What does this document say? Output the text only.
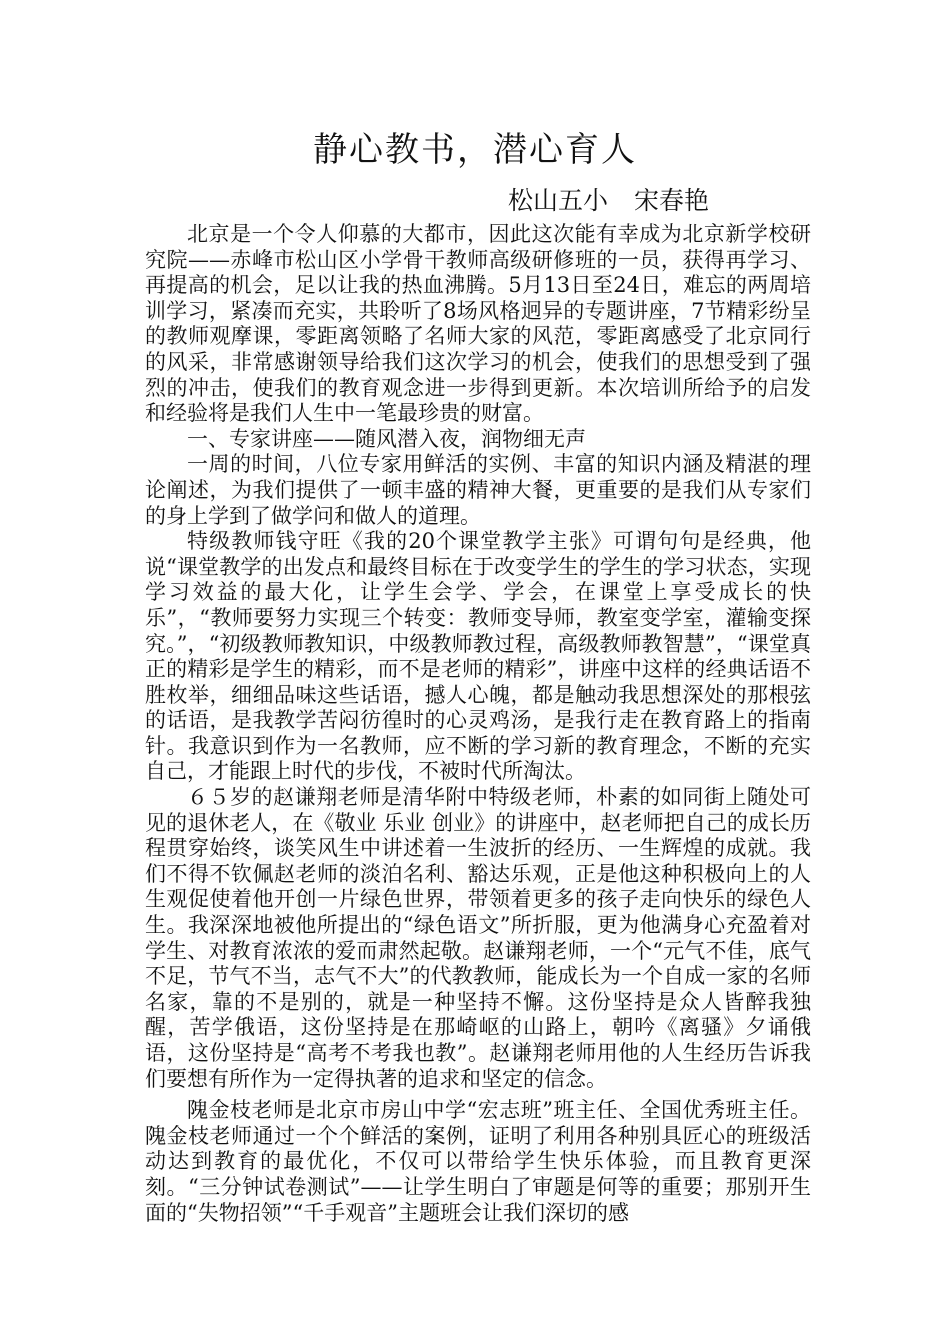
静心教书，潜心育人
松山五小 宋春艳

北京是一个令人仰慕的大都市，因此这次能有幸成为北京新学校研究院——赤峰市松山区小学骨干教师高级研修班的一员，获得再学习、再提高的机会，足以让我的热血沸腾。5月13日至24日，难忘的两周培训学习，紧凑而充实，共聆听了8场风格迥异的专题讲座，7节精彩纷呈的教师观摩课，零距离领略了名师大家的风范，零距离感受了北京同行的风采，非常感谢领导给我们这次学习的机会，使我们的思想受到了强烈的冲击，使我们的教育观念进一步得到更新。本次培训所给予的启发和经验将是我们人生中一笔最珍贵的财富。

一、专家讲座——随风潜入夜，润物细无声

一周的时间，八位专家用鲜活的实例、丰富的知识内涵及精湛的理论阐述，为我们提供了一顿丰盛的精神大餐，更重要的是我们从专家们的身上学到了做学问和做人的道理。

特级教师钱守旺《我的20个课堂教学主张》可谓句句是经典，他说“课堂教学的出发点和最终目标在于改变学生的学生的学习状态，实现学习效益的最大化，让学生会学、学会，在课堂上享受成长的快乐”，“教师要努力实现三个转变：教师变导师，教室变学室，灌输变探究。”，“初级教师教知识，中级教师教过程，高级教师教智慧”，“课堂真正的精彩是学生的精彩，而不是老师的精彩”，讲座中这样的经典话语不胜枚举，细细品味这些话语，撼人心魄，都是触动我思想深处的那根弦的话语，是我教学苦闷彷徨时的心灵鸡汤，是我行走在教育路上的指南针。我意识到作为一名教师，应不断的学习新的教育理念，不断的充实自己，才能跟上时代的步伐，不被时代所淘汰。

６５岁的赵谦翔老师是清华附中特级老师，朴素的如同街上随处可见的退休老人，在《敬业 乐业 创业》的讲座中，赵老师把自己的成长历程贯穿始终，谈笑风生中讲述着一生波折的经历、一生辉煌的成就。我们不得不钦佩赵老师的淡泊名利、豁达乐观，正是他这种积极向上的人生观促使着他开创一片绿色世界，带领着更多的孩子走向快乐的绿色人生。我深深地被他所提出的“绿色语文”所折服，更为他满身心充盈着对学生、对教育浓浓的爱而肃然起敬。赵谦翔老师，一个“元气不佳，底气不足，节气不当，志气不大”的代教教师，能成长为一个自成一家的名师名家，靠的不是别的，就是一种坚持不懈。这份坚持是众人皆醉我独醒，苦学俄语，这份坚持是在那崎岖的山路上，朝吟《离骚》夕诵俄语，这份坚持是“高考不考我也教”。赵谦翔老师用他的人生经历告诉我们要想有所作为一定得执著的追求和坚定的信念。

隗金枝老师是北京市房山中学“宏志班”班主任、全国优秀班主任。隗金枝老师通过一个个鲜活的案例，证明了利用各种别具匠心的班级活动达到教育的最优化，不仅可以带给学生快乐体验，而且教育更深刻。“三分钟试卷测试”——让学生明白了审题是何等的重要；那别开生面的“失物招领”“千手观音”主题班会让我们深切的感
